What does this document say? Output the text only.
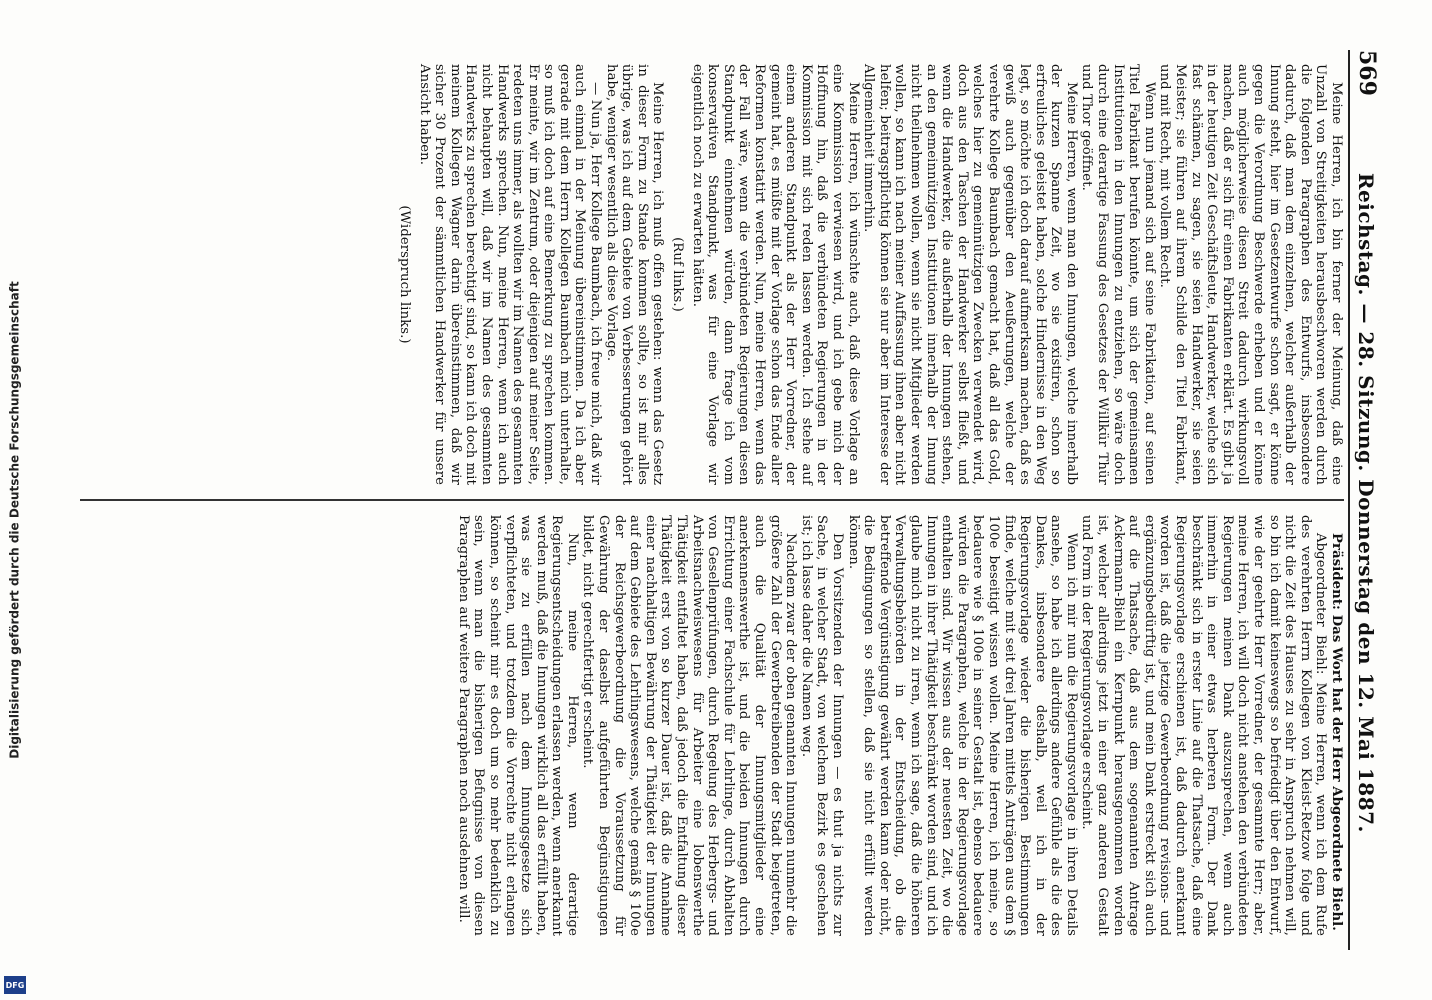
569
Reichstag. — 28. Sitzung. Donnerstag den 12. Mai 1887.

Meine Herren, ich bin ferner der Meinung, daß eine Unzahl von Streitigkeiten herausbeschworen werden durch die folgenden Paragraphen des Entwurfs, insbesondere dadurch, daß man dem einzelnen, welcher außerhalb der Innung steht, hier im Gesetzentwurfe schon sagt, er könne gegen die Verordnung Beschwerde erheben und er könne auch möglicherweise diesen Streit dadurch wirkungsvoll machen, daß er sich für einen Fabrikanten erklärt. Es gibt ja in der heutigen Zeit Geschäftsleute, Handwerker, welche sich fast schämen, zu sagen, sie seien Handwerker, sie seien Meister; sie führen auf ihrem Schilde den Titel Fabrikant, und mit Recht, mit vollem Recht.

Wenn nun jemand sich auf seine Fabrikation, auf seinen Titel Fabrikant berufen könnte, um sich der gemeinsamen Institutionen in den Innungen zu entziehen, so wäre doch durch eine derartige Fassung des Gesetzes der Willkür Thür und Thor geöffnet.

Meine Herren, wenn man den Innungen, welche innerhalb der kurzen Spanne Zeit, wo sie existiren, schon so erfreuliches geleistet haben, solche Hindernisse in den Weg legt, so möchte ich doch darauf aufmerksam machen, daß es gewiß auch gegenüber den Aeußerungen, welche der verehrte Kollege Baumbach gemacht hat, daß all das Gold, welches hier zu gemeinnützigen Zwecken verwendet wird, doch aus den Taschen der Handwerker selbst fließt, und wenn die Handwerker, die außerhalb der Innungen stehen, an den gemeinnützigen Institutionen innerhalb der Innung nicht theilnehmen wollen, wenn sie nicht Mitglieder werden wollen, so kann ich nach meiner Auffassung ihnen aber nicht helfen; beitragspflichtig können sie nur aber im Interesse der Allgemeinheit immerhin.

Meine Herren, ich wünschte auch, daß diese Vorlage an eine Kommission verwiesen wird, und ich gebe mich der Hoffnung hin, daß die verbündeten Regierungen in der Kommission mit sich reden lassen werden. Ich stehe auf einem anderen Standpunkt als der Herr Vorredner, der gemeint hat, es müßte mit der Vorlage schon das Ende aller Reformen konstatirt werden. Nun, meine Herren, wenn das der Fall wäre, wenn die verbündeten Regierungen diesen Standpunkt einnehmen würden, dann frage ich vom konservativen Standpunkt, was für eine Vorlage wir eigentlich noch zu erwarten hätten.

(Ruf links.)

Meine Herren, ich muß offen gestehen: wenn das Gesetz in dieser Form zu Stande kommen sollte, so ist mir alles übrige, was ich auf dem Gebiete von Verbesserungen gehört habe, weniger wesentlich als diese Vorlage.

— Nun ja, Herr Kollege Baumbach, ich freue mich, daß wir auch einmal in der Meinung übereinstimmen. Da ich aber gerade mit dem Herrn Kollegen Baumbach mich unterhalte, so muß ich doch auf eine Bemerkung zu sprechen kommen. Er meinte, wir im Zentrum, oder diejenigen auf meiner Seite, redeten uns immer, als wollten wir im Namen des gesammten Handwerks sprechen. Nun, meine Herren, wenn ich auch nicht behaupten will, daß wir im Namen des gesammten Handwerks zu sprechen berechtigt sind, so kann ich doch mit meinem Kollegen Wagner darin übereinstimmen, daß wir sicher 30 Prozent der sämmtlichen Handwerker für unsere Ansicht haben.

(Widerspruch links.)

Präsident: Das Wort hat der Herr Abgeordnete Biehl.

Abgeordneter Biehl: Meine Herren, wenn ich dem Rufe des verehrten Herrn Kollegen von Kleist-Retzow folge und nicht die Zeit des Hauses zu sehr in Anspruch nehmen will, so bin ich damit keineswegs so befriedigt über den Entwurf, wie der geehrte Herr Vorredner, der gesammte Herr; aber, meine Herren, ich will doch nicht anstehen den verbündeten Regierungen meinen Dank auszusprechen, wenn auch immerhin in einer etwas herberen Form. Der Dank beschränkt sich in erster Linie auf die Thatsache, daß eine Regierungsvorlage erschienen ist, daß dadurch anerkannt worden ist, daß die jetzige Gewerbeordnung revisions- und ergänzungsbedürftig ist, und mein Dank erstreckt sich auch auf die Thatsache, daß aus dem sogenannten Antrage Ackermann-Biehl ein Kernpunkt herausgenommen worden ist, welcher allerdings jetzt in einer ganz anderen Gestalt und Form in der Regierungsvorlage erscheint.

Wenn ich mir nun die Regierungsvorlage in ihren Details ansehe, so habe ich allerdings andere Gefühle als die des Dankes, insbesondere deshalb, weil ich in der Regierungsvorlage wieder die bisherigen Bestimmungen finde, welche mit seit drei Jahren mittels Anträgen aus dem § 100e beseitigt wissen wollen. Meine Herren, ich meine, so bedauere wie § 100e in seiner Gestalt ist, ebenso bedauere würden die Paragraphen, welche in der Regierungsvorlage enthalten sind. Wir wissen aus der neuesten Zeit, wo die Innungen in ihrer Thätigkeit beschränkt worden sind, und ich glaube mich nicht zu irren, wenn ich sage, daß die höheren Verwaltungsbehörden in der Entscheidung, ob die betreffende Vergünstigung gewährt werden kann oder nicht, die Bedingungen so stellen, daß sie nicht erfüllt werden können.

Den Vorsitzenden der Innungen — es thut ja nichts zur Sache, in welcher Stadt, von welchem Bezirk es geschehen ist; ich lasse daher die Namen weg.

Nachdem zwar der oben genannten Innungen nunmehr die größere Zahl der Gewerbetreibenden der Stadt beigetreten, auch die Qualität der Innungsmitglieder eine anerkennenswerthe ist, und die beiden Innungen durch Errichtung einer Fachschule für Lehrlinge, durch Abhalten von Gesellenprüfungen, durch Regelung des Herbergs- und Arbeitsnachweiswesens für Arbeiter eine lobenswerthe Thätigkeit entfaltet haben, daß jedoch die Entfaltung dieser Thätigkeit erst von so kurzer Dauer ist, daß die Annahme einer nachhaltigen Bewährung der Thätigkeit der Innungen auf dem Gebiete des Lehrlingswesens, welche gemäß § 100e der Reichsgewerbeordnung die Voraussetzung für Gewährung der daselbst aufgeführten Begünstigungen bildet, nicht gerechtfertigt erscheint.

Nun, meine Herren, wenn derartige Regierungsentscheidungen erlassen werden, wenn anerkannt werden muß, daß die Innungen wirklich all das erfüllt haben, was sie zu erfüllen nach dem Innungsgesetze sich verpflichteten, und trotzdem die Vorrechte nicht erlangen können, so scheint mir es doch um so mehr bedenklich zu sein, wenn man die bisherigen Befugnisse von diesen Paragraphen auf weitere Paragraphen noch ausdehnen will.

Digitalisierung gefördert durch die Deutsche Forschungsgemeinschaft
DFG
